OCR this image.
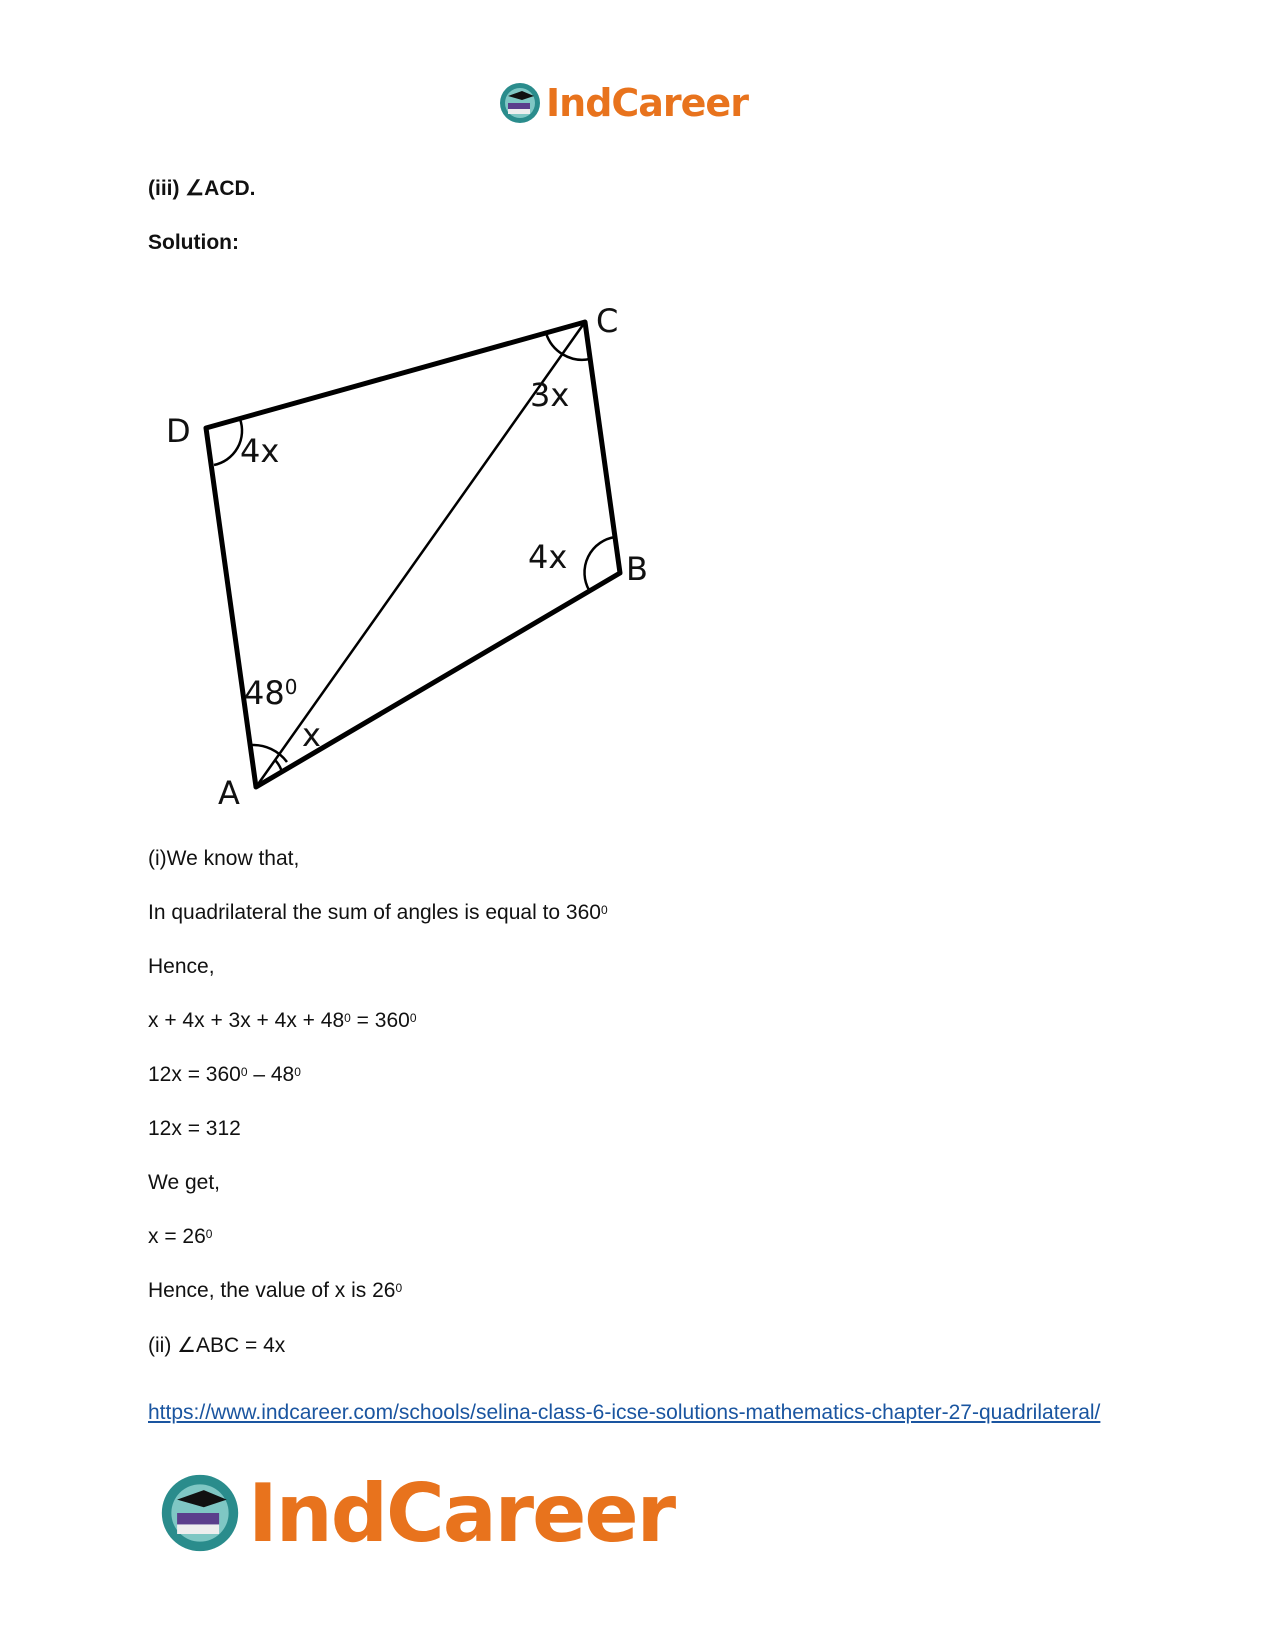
IndCareer
(iii) ∠ACD.
Solution:
D
C
B
A
4x
3x
4x
$48^0$
x
(i)We know that,
In quadrilateral the sum of angles is equal to $360^0$
Hence,
$x + 4x + 3x + 4x + 48^0 = 360^0$
$12x = 360^0 - 48^0$
12x = 312
We get,
$x = 26^0$
Hence, the value of x is $26^0$
(ii) ∠ABC = 4x
https://www.indcareer.com/schools/selina-class-6-icse-solutions-mathematics-chapter-27-quadrilateral/
IndCareer
